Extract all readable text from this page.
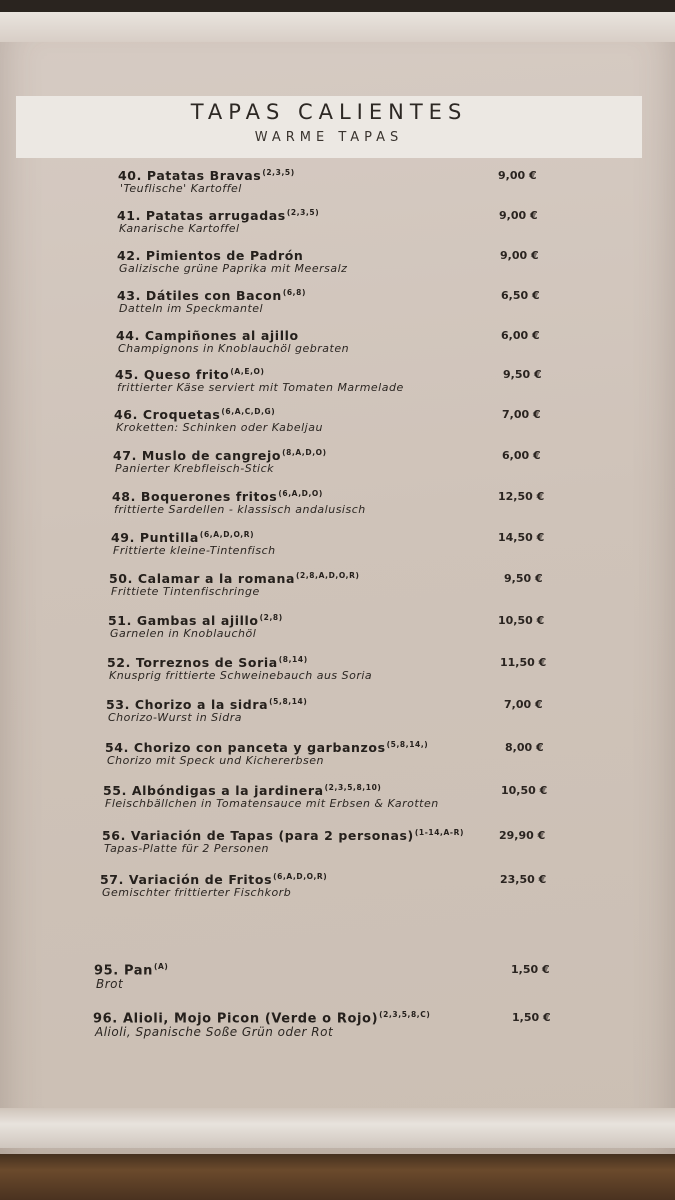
TAPAS CALIENTES
WARME TAPAS
40. Patatas Bravas$^{(2,3,5)}$
'Teuflische' Kartoffel
9,00 €
41. Patatas arrugadas$^{(2,3,5)}$
Kanarische Kartoffel
9,00 €
42. Pimientos de Padrón
Galizische grüne Paprika mit Meersalz
9,00 €
43. Dátiles con Bacon$^{(6,8)}$
Datteln im Speckmantel
6,50 €
44. Campiñones al ajillo
Champignons in Knoblauchöl gebraten
6,00 €
45. Queso frito$^{(A,E,O)}$
frittierter Käse serviert mit Tomaten Marmelade
9,50 €
46. Croquetas$^{(6,A,C,D,G)}$
Kroketten: Schinken oder Kabeljau
7,00 €
47. Muslo de cangrejo$^{(8,A,D,O)}$
Panierter Krebfleisch-Stick
6,00 €
48. Boquerones fritos$^{(6,A,D,O)}$
frittierte Sardellen - klassisch andalusisch
12,50 €
49. Puntilla$^{(6,A,D,O,R)}$
Frittierte kleine-Tintenfisch
14,50 €
50. Calamar a la romana$^{(2,8,A,D,O,R)}$
Frittiete Tintenfischringe
9,50 €
51. Gambas al ajillo$^{(2,8)}$
Garnelen in Knoblauchöl
10,50 €
52. Torreznos de Soria$^{(8,14)}$
Knusprig frittierte Schweinebauch aus Soria
11,50 €
53. Chorizo a la sidra$^{(5,8,14)}$
Chorizo-Wurst in Sidra
7,00 €
54. Chorizo con panceta y garbanzos$^{(5,8,14,)}$
Chorizo mit Speck und Kichererbsen
8,00 €
55. Albóndigas a la jardinera$^{(2,3,5,8,10)}$
Fleischbällchen in Tomatensauce mit Erbsen & Karotten
10,50 €
56. Variación de Tapas (para 2 personas)$^{(1-14,A-R)}$
Tapas-Platte für 2 Personen
29,90 €
57. Variación de Fritos$^{(6,A,D,O,R)}$
Gemischter frittierter Fischkorb
23,50 €
95. Pan$^{(A)}$
Brot
1,50 €
96. Alioli, Mojo Picon (Verde o Rojo)$^{(2,3,5,8,C)}$
Alioli, Spanische Soße Grün oder Rot
1,50 €
